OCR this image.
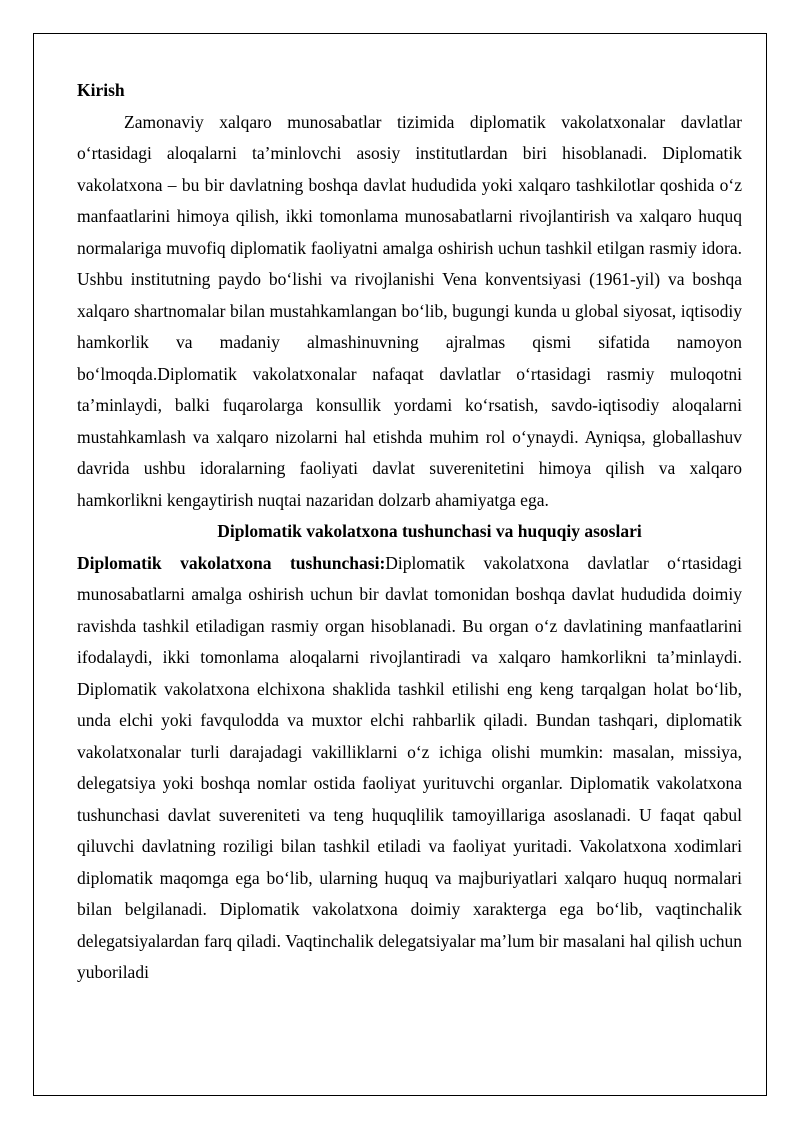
Kirish

Zamonaviy xalqaro munosabatlar tizimida diplomatik vakolatxonalar davlatlar o‘rtasidagi aloqalarni ta’minlovchi asosiy institutlardan biri hisoblanadi. Diplomatik vakolatxona – bu bir davlatning boshqa davlat hududida yoki xalqaro tashkilotlar qoshida o‘z manfaatlarini himoya qilish, ikki tomonlama munosabatlarni rivojlantirish va xalqaro huquq normalariga muvofiq diplomatik faoliyatni amalga oshirish uchun tashkil etilgan rasmiy idora. Ushbu institutning paydo bo‘lishi va rivojlanishi Vena konventsiyasi (1961-yil) va boshqa xalqaro shartnomalar bilan mustahkamlangan bo‘lib, bugungi kunda u global siyosat, iqtisodiy hamkorlik va madaniy almashinuvning ajralmas qismi sifatida namoyon bo‘lmoqda.Diplomatik vakolatxonalar nafaqat davlatlar o‘rtasidagi rasmiy muloqotni ta’minlaydi, balki fuqarolarga konsullik yordami ko‘rsatish, savdo-iqtisodiy aloqalarni mustahkamlash va xalqaro nizolarni hal etishda muhim rol o‘ynaydi. Ayniqsa, globallashuv davrida ushbu idoralarning faoliyati davlat suverenitetini himoya qilish va xalqaro hamkorlikni kengaytirish nuqtai nazaridan dolzarb ahamiyatga ega.

Diplomatik vakolatxona tushunchasi va huquqiy asoslari

Diplomatik vakolatxona tushunchasi:Diplomatik vakolatxona davlatlar o‘rtasidagi munosabatlarni amalga oshirish uchun bir davlat tomonidan boshqa davlat hududida doimiy ravishda tashkil etiladigan rasmiy organ hisoblanadi. Bu organ o‘z davlatining manfaatlarini ifodalaydi, ikki tomonlama aloqalarni rivojlantiradi va xalqaro hamkorlikni ta’minlaydi. Diplomatik vakolatxona elchixona shaklida tashkil etilishi eng keng tarqalgan holat bo‘lib, unda elchi yoki favqulodda va muxtor elchi rahbarlik qiladi. Bundan tashqari, diplomatik vakolatxonalar turli darajadagi vakilliklarni o‘z ichiga olishi mumkin: masalan, missiya, delegatsiya yoki boshqa nomlar ostida faoliyat yurituvchi organlar. Diplomatik vakolatxona tushunchasi davlat suvereniteti va teng huquqlilik tamoyillariga asoslanadi. U faqat qabul qiluvchi davlatning roziligi bilan tashkil etiladi va faoliyat yuritadi. Vakolatxona xodimlari diplomatik maqomga ega bo‘lib, ularning huquq va majburiyatlari xalqaro huquq normalari bilan belgilanadi. Diplomatik vakolatxona doimiy xarakterga ega bo‘lib, vaqtinchalik delegatsiyalardan farq qiladi. Vaqtinchalik delegatsiyalar ma’lum bir masalani hal qilish uchun yuboriladi
